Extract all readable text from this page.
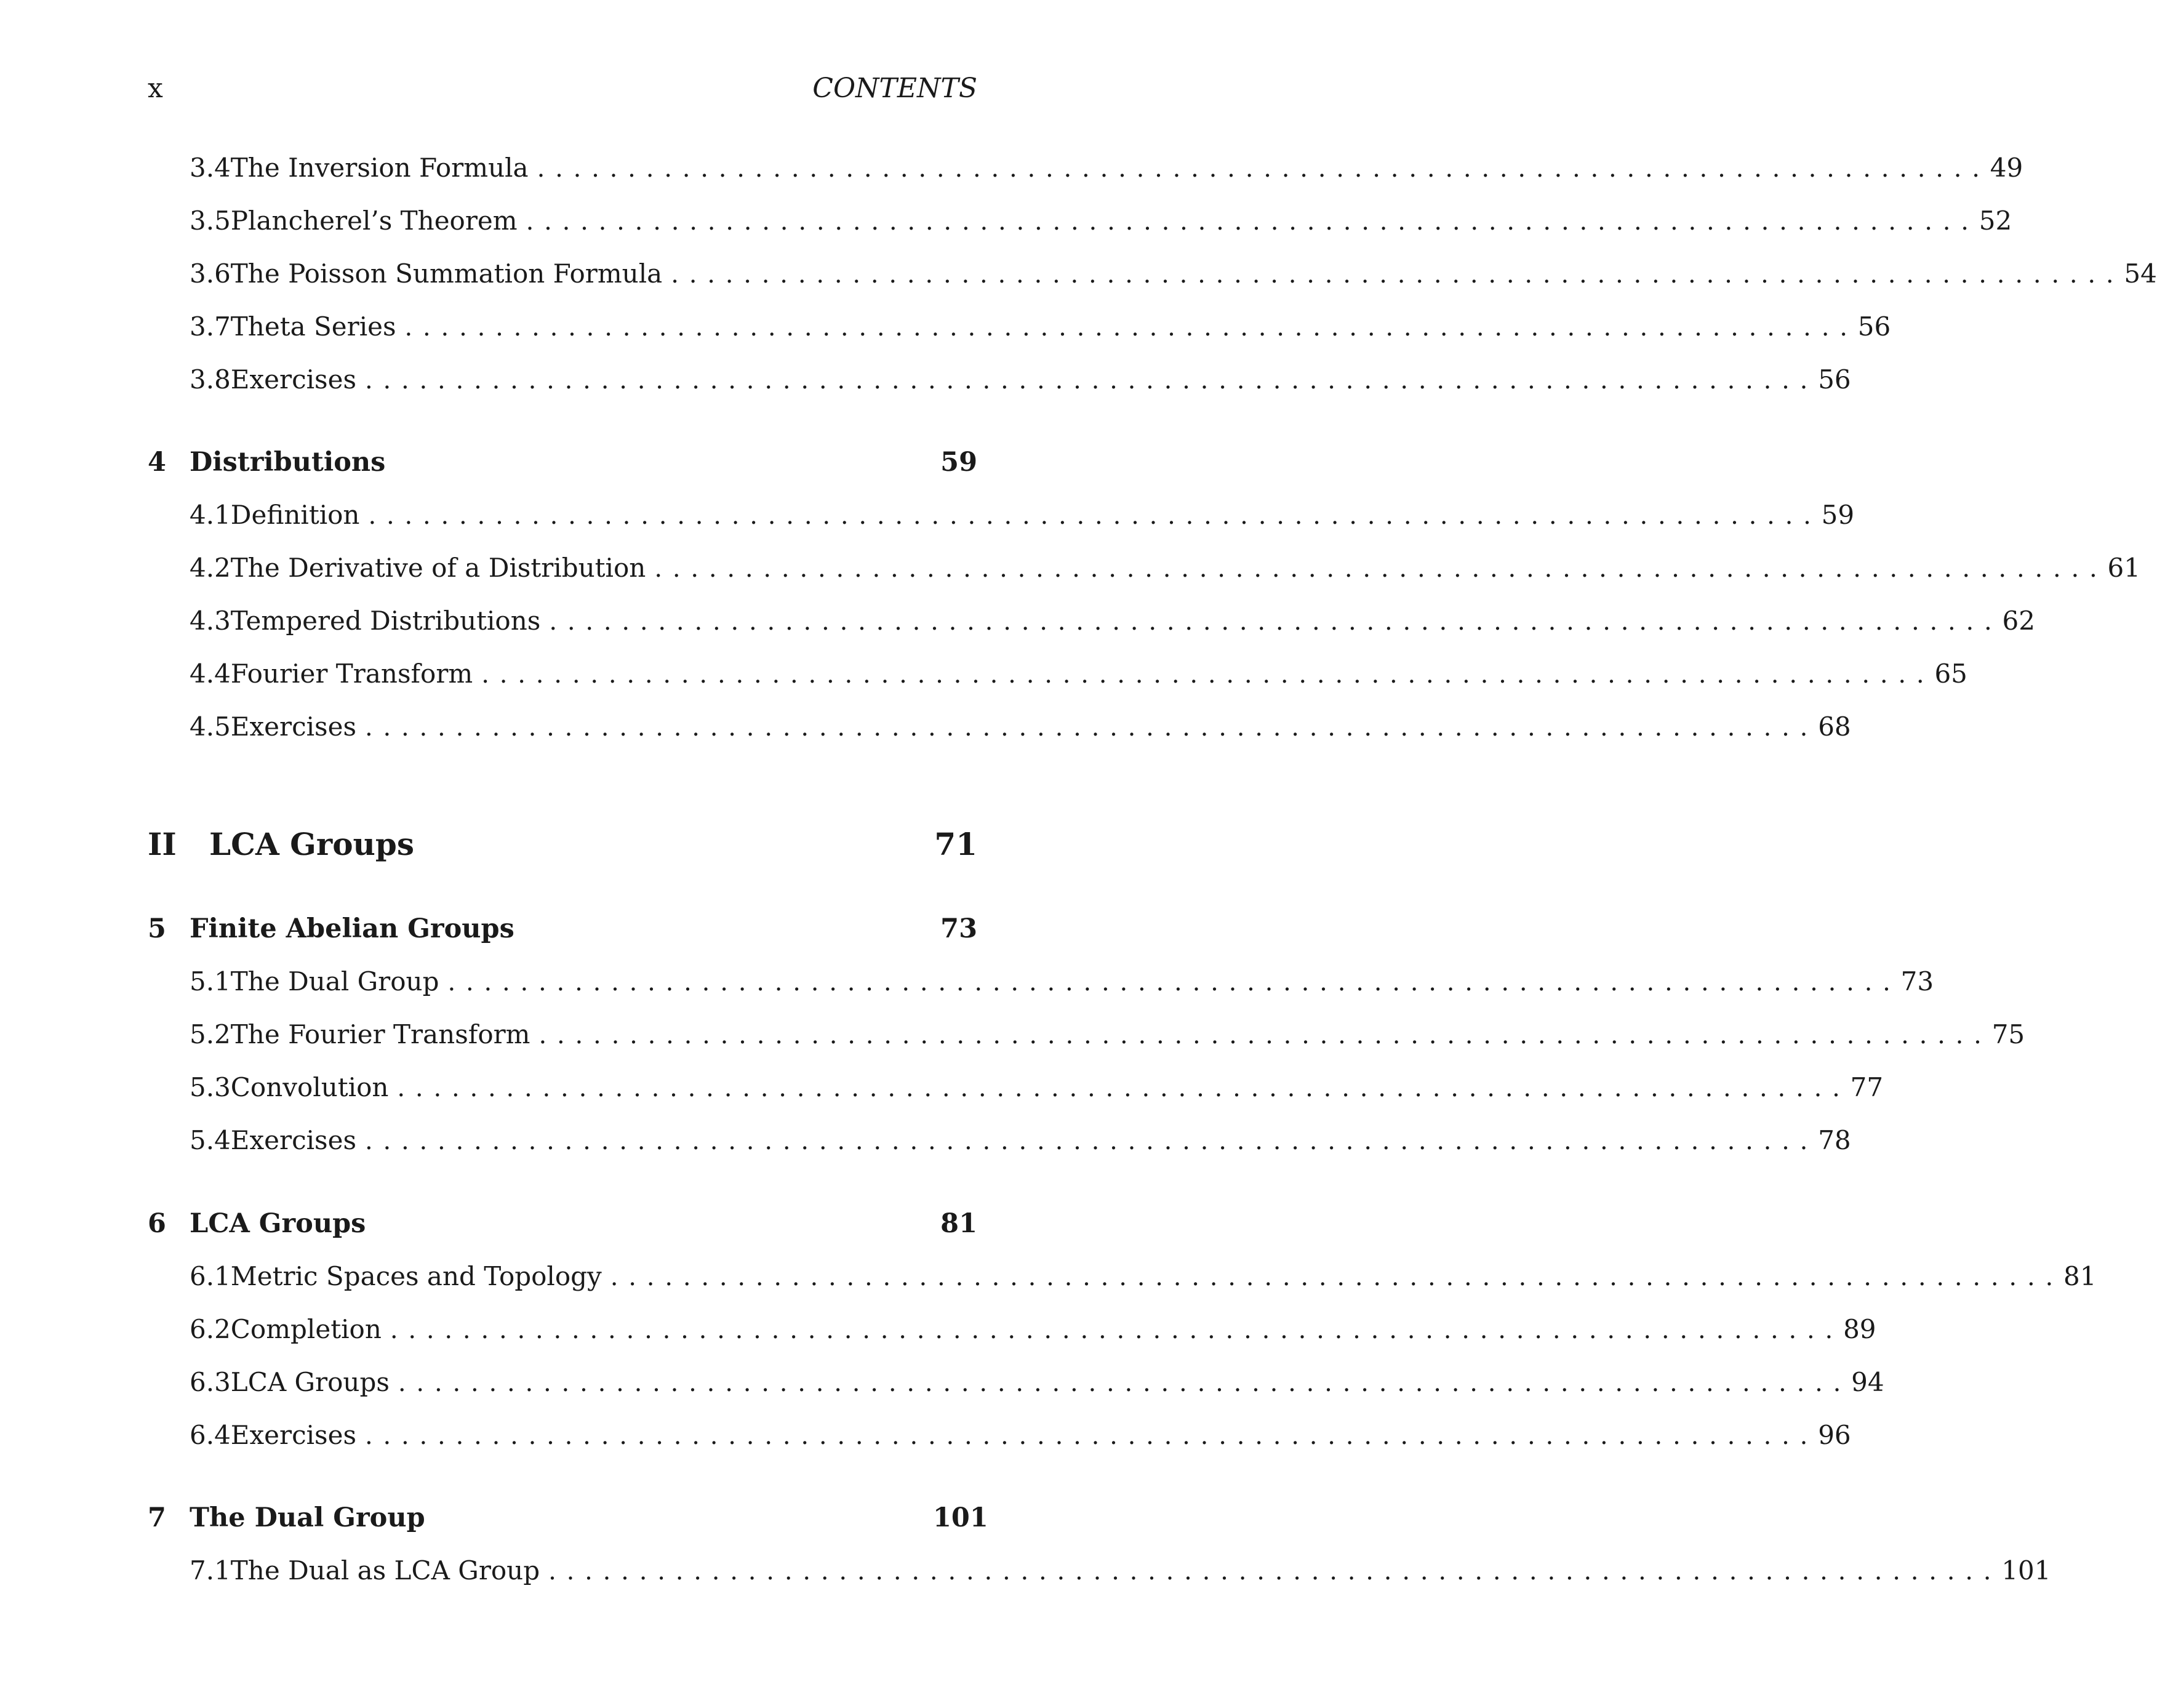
x	CONTENTS
3.4 The Inversion Formula ................................................................................ 49
3.5 Plancherel’s Theorem ................................................................................ 52
3.6 The Poisson Summation Formula ................................................................................ 54
3.7 Theta Series ................................................................................ 56
3.8 Exercises ................................................................................ 56
4 Distributions	59
4.1 Definition ................................................................................ 59
4.2 The Derivative of a Distribution ................................................................................ 61
4.3 Tempered Distributions ................................................................................ 62
4.4 Fourier Transform ................................................................................ 65
4.5 Exercises ................................................................................ 68
II	LCA Groups	71
5 Finite Abelian Groups	73
5.1 The Dual Group ................................................................................ 73
5.2 The Fourier Transform ................................................................................ 75
5.3 Convolution ................................................................................ 77
5.4 Exercises ................................................................................ 78
6 LCA Groups	81
6.1 Metric Spaces and Topology ................................................................................ 81
6.2 Completion ................................................................................ 89
6.3 LCA Groups ................................................................................ 94
6.4 Exercises ................................................................................ 96
7 The Dual Group	101
7.1 The Dual as LCA Group ................................................................................ 101
